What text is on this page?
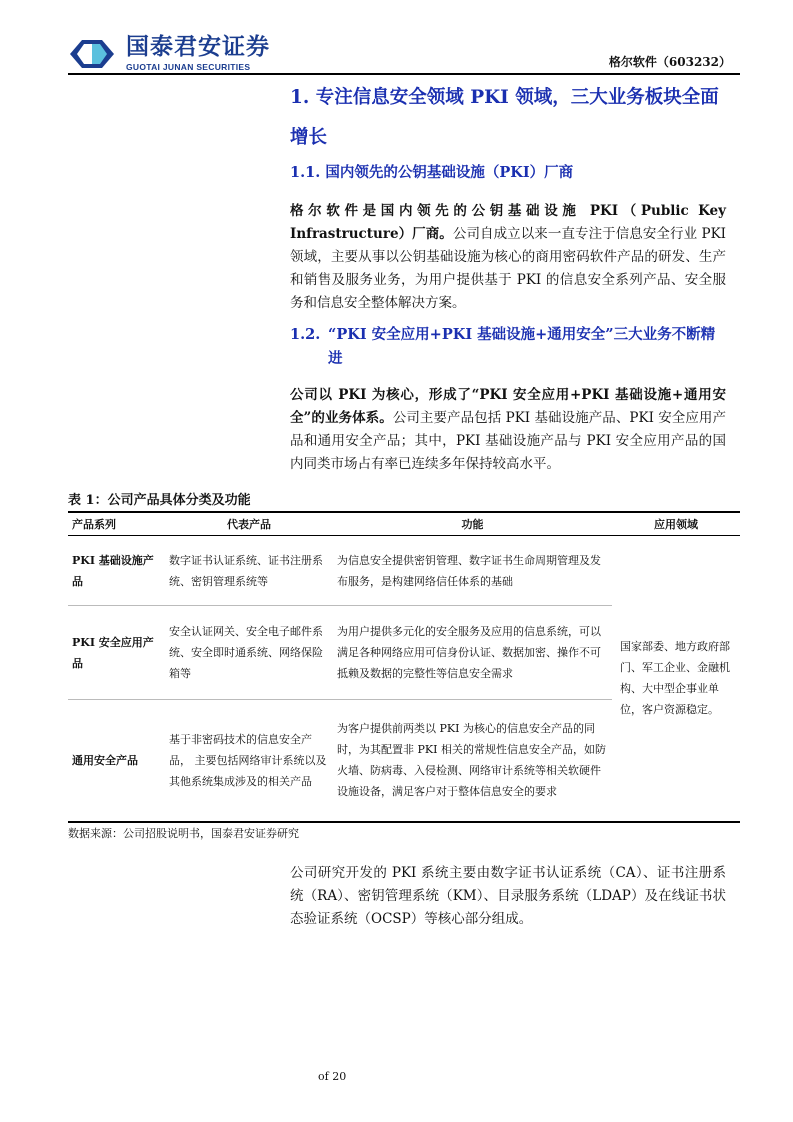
国泰君安证券
GUOTAI JUNAN SECURITIES	格尔软件（603232）
1. 专注信息安全领域 PKI 领域，三大业务板块全面增长
1.1. 国内领先的公钥基础设施（PKI）厂商
格尔软件是国内领先的公钥基础设施 PKI（Public Key Infrastructure）厂商。公司自成立以来一直专注于信息安全行业 PKI 领域，主要从事以公钥基础设施为核心的商用密码软件产品的研发、生产和销售及服务业务，为用户提供基于 PKI 的信息安全系列产品、安全服务和信息安全整体解决方案。
1.2. “PKI 安全应用+PKI 基础设施+通用安全”三大业务不断精进
公司以 PKI 为核心，形成了“PKI 安全应用+PKI 基础设施+通用安全”的业务体系。公司主要产品包括 PKI 基础设施产品、PKI 安全应用产品和通用安全产品；其中，PKI 基础设施产品与 PKI 安全应用产品的国内同类市场占有率已连续多年保持较高水平。
表 1：公司产品具体分类及功能
产品系列	代表产品	功能	应用领域
PKI 基础设施产品	数字证书认证系统、证书注册系统、密钥管理系统等	为信息安全提供密钥管理、数字证书生命周期管理及发布服务，是构建网络信任体系的基础	国家部委、地方政府部门、军工企业、金融机构、大中型企事业单位，客户资源稳定。
PKI 安全应用产品	安全认证网关、安全电子邮件系统、安全即时通系统、网络保险箱等	为用户提供多元化的安全服务及应用的信息系统，可以满足各种网络应用可信身份认证、数据加密、操作不可抵赖及数据的完整性等信息安全需求	
通用安全产品	基于非密码技术的信息安全产品， 主要包括网络审计系统以及其他系统集成涉及的相关产品	为客户提供前两类以 PKI 为核心的信息安全产品的同时，为其配置非 PKI 相关的常规性信息安全产品，如防火墙、防病毒、入侵检测、网络审计系统等相关软硬件设施设备，满足客户对于整体信息安全的要求	
数据来源：公司招股说明书，国泰君安证券研究
公司研究开发的 PKI 系统主要由数字证书认证系统（CA）、证书注册系统（RA）、密钥管理系统（KM）、目录服务系统（LDAP）及在线证书状态验证系统（OCSP）等核心部分组成。
of 20
